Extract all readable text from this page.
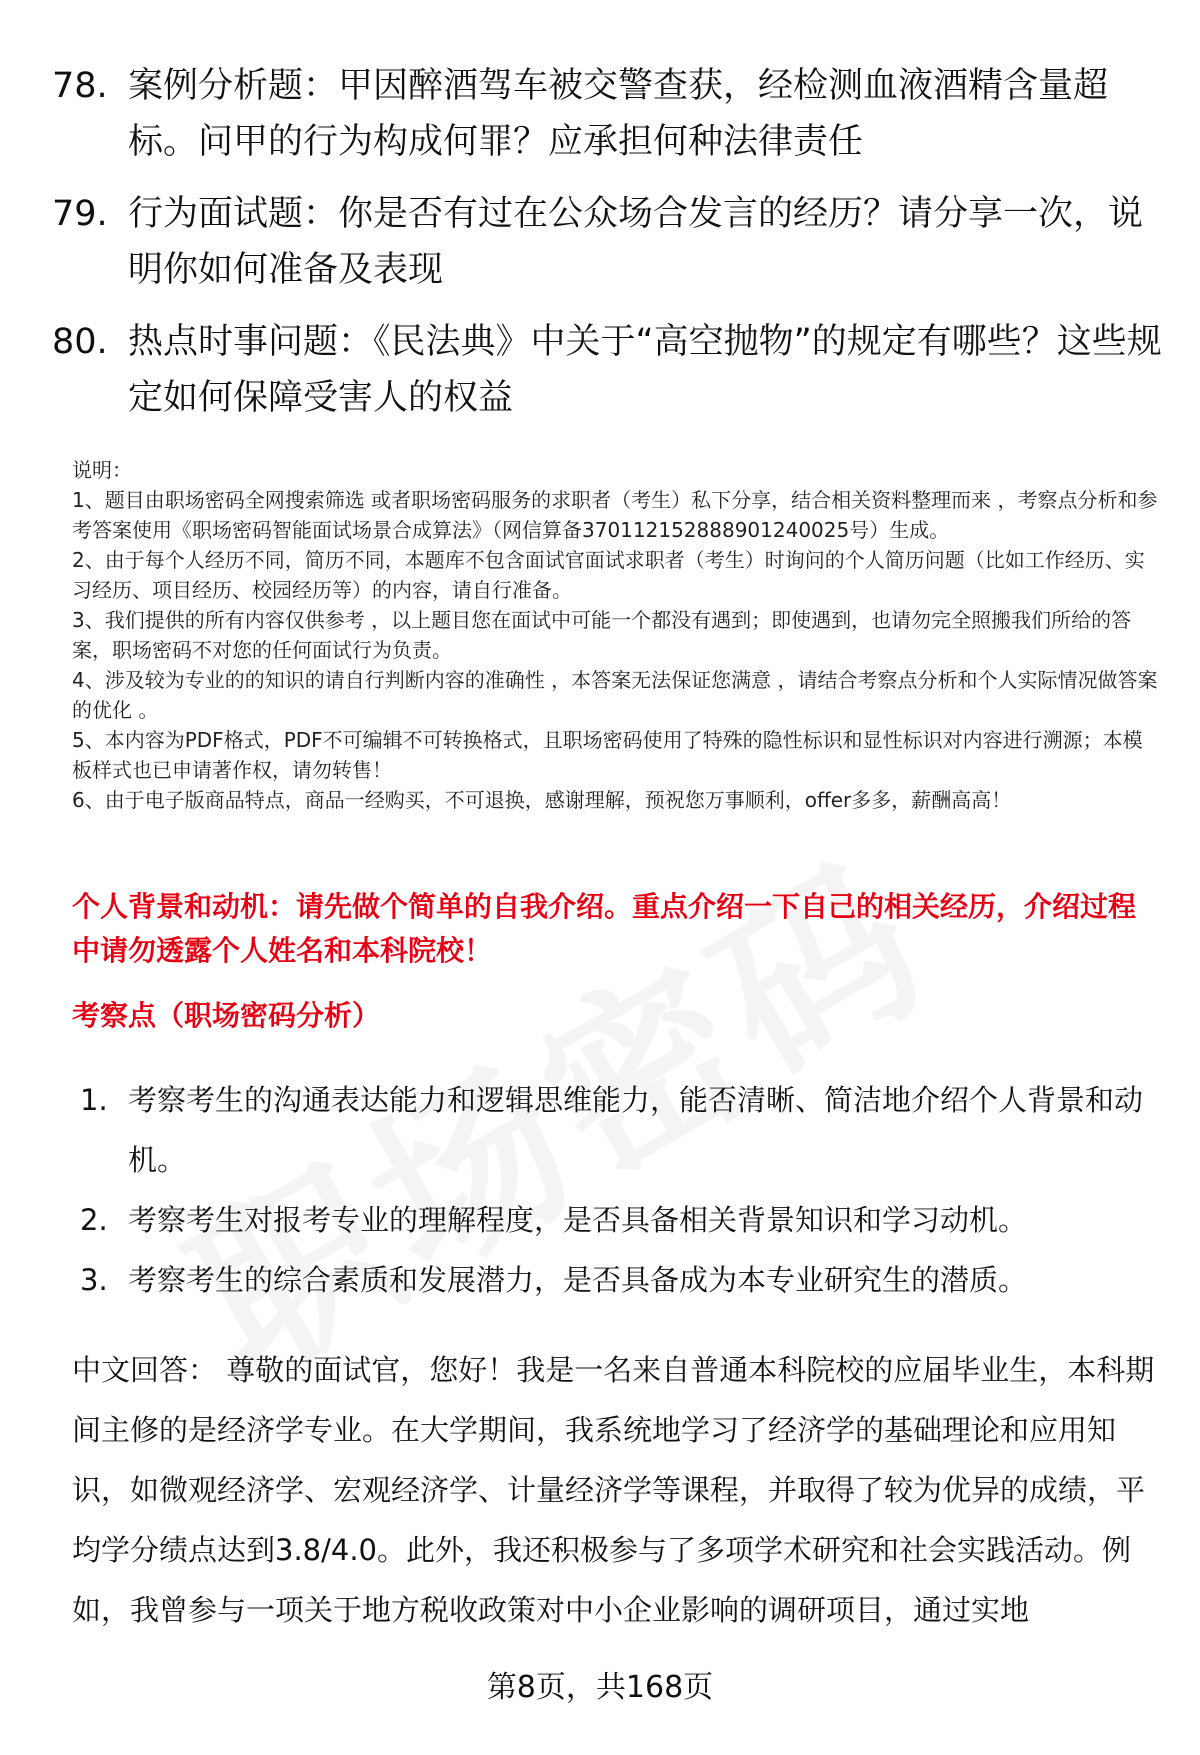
78. 案例分析题：甲因醉酒驾车被交警查获，经检测血液酒精含量超标。问甲的行为构成何罪？应承担何种法律责任
79. 行为面试题：你是否有过在公众场合发言的经历？请分享一次，说明你如何准备及表现
80. 热点时事问题：《民法典》中关于“高空抛物”的规定有哪些？这些规定如何保障受害人的权益

说明：

1、题目由职场密码全网搜索筛选 或者职场密码服务的求职者（考生）私下分享，结合相关资料整理而来 ，考察点分析和参考答案使用《职场密码智能面试场景合成算法》（网信算备370112152888901240025号）生成。

2、由于每个人经历不同，简历不同，本题库不包含面试官面试求职者（考生）时询问的个人简历问题（比如工作经历、实习经历、项目经历、校园经历等）的内容，请自行准备。

3、我们提供的所有内容仅供参考 ，以上题目您在面试中可能一个都没有遇到；即使遇到，也请勿完全照搬我们所给的答案，职场密码不对您的任何面试行为负责。

4、涉及较为专业的的知识的请自行判断内容的准确性 ，本答案无法保证您满意 ，请结合考察点分析和个人实际情况做答案的优化 。

5、本内容为PDF格式，PDF不可编辑不可转换格式，且职场密码使用了特殊的隐性标识和显性标识对内容进行溯源；本模板样式也已申请著作权，请勿转售！

6、由于电子版商品特点，商品一经购买，不可退换，感谢理解，预祝您万事顺利，offer多多，薪酬高高！

个人背景和动机：请先做个简单的自我介绍。重点介绍一下自己的相关经历，介绍过程中请勿透露个人姓名和本科院校！
考察点（职场密码分析）
1. 考察考生的沟通表达能力和逻辑思维能力，能否清晰、简洁地介绍个人背景和动机。
2. 考察考生对报考专业的理解程度，是否具备相关背景知识和学习动机。
3. 考察考生的综合素质和发展潜力，是否具备成为本专业研究生的潜质。
中文回答： 尊敬的面试官，您好！我是一名来自普通本科院校的应届毕业生，本科期间主修的是经济学专业。在大学期间，我系统地学习了经济学的基础理论和应用知识，如微观经济学、宏观经济学、计量经济学等课程，并取得了较为优异的成绩，平均学分绩点达到3.8/4.0。此外，我还积极参与了多项学术研究和社会实践活动。例如，我曾参与一项关于地方税收政策对中小企业影响的调研项目，通过实地
第8页，共168页
